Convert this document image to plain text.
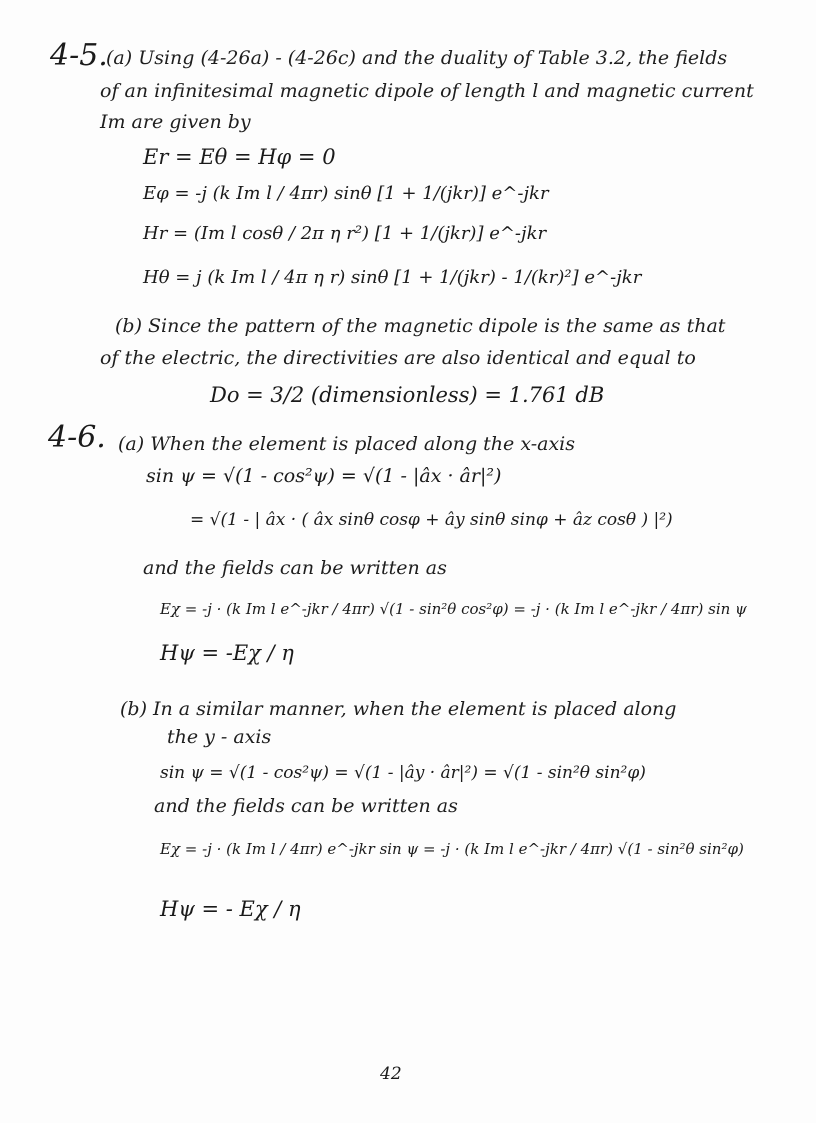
4-5.
(a) Using (4-26a) - (4-26c) and the duality of Table 3.2, the fields
of an infinitesimal magnetic dipole of length l and magnetic current
Im are given by
Er = Eθ = Hφ = 0
Eφ = -j (k Im l / 4πr) sinθ [1 + 1/(jkr)] e^-jkr
Hr = (Im l cosθ / 2π η r²) [1 + 1/(jkr)] e^-jkr
Hθ = j (k Im l / 4π η r) sinθ [1 + 1/(jkr) - 1/(kr)²] e^-jkr
(b) Since the pattern of the magnetic dipole is the same as that
of the electric, the directivities are also identical and equal to
Do = 3/2 (dimensionless) = 1.761 dB
4-6. (a) When the element is placed along the x-axis
sin ψ = √(1 - cos²ψ) = √(1 - |âx · âr|²)
= √(1 - | âx · ( âx sinθ cosφ + ây sinθ sinφ + âz cosθ ) |²)
and the fields can be written as
Eχ = -j · (k Im l e^-jkr / 4πr) √(1 - sin²θ cos²φ) = -j · (k Im l e^-jkr / 4πr) sin ψ
Hψ = -Eχ / η
(b) In a similar manner, when the element is placed along
the y - axis
sin ψ = √(1 - cos²ψ) = √(1 - |ây · âr|²) = √(1 - sin²θ sin²φ)
and the fields can be written as
Eχ = -j · (k Im l / 4πr) e^-jkr sin ψ = -j · (k Im l e^-jkr / 4πr) √(1 - sin²θ sin²φ)
Hψ = - Eχ / η
42
